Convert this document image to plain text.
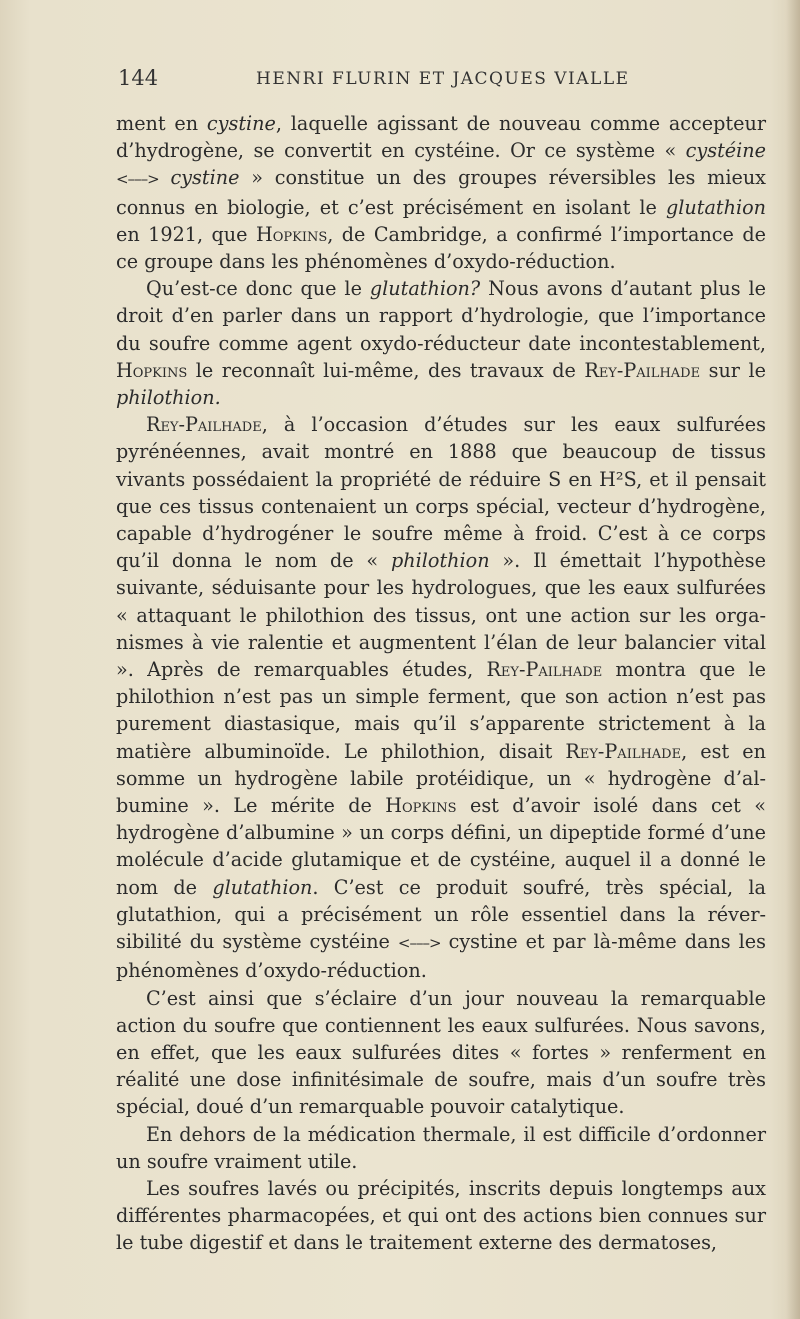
144	HENRI FLURIN ET JACQUES VIALLE

ment en cystine, laquelle agissant de nouveau comme accepteur d’hydrogène, se convertit en cystéine. Or ce système « cystéine <–––> cystine » constitue un des groupes réversibles les mieux connus en biologie, et c’est précisément en isolant le glutathion en 1921, que Hopkins, de Cambridge, a confirmé l’importance de ce groupe dans les phénomènes d’oxydo-réduction.

Qu’est-ce donc que le glutathion? Nous avons d’autant plus le droit d’en parler dans un rapport d’hydrologie, que l’importance du soufre comme agent oxydo-réducteur date incontestablement, Hopkins le reconnaît lui-même, des travaux de Rey-Pailhade sur le philothion.

Rey-Pailhade, à l’occasion d’études sur les eaux sulfurées pyrénéennes, avait montré en 1888 que beaucoup de tissus vivants possédaient la propriété de réduire S en H²S, et il pensait que ces tissus contenaient un corps spécial, vecteur d’hydrogène, capable d’hydrogéner le soufre même à froid. C’est à ce corps qu’il donna le nom de « philothion ». Il émettait l’hypothèse suivante, séduisante pour les hydrologues, que les eaux sulfurées « attaquant le philothion des tissus, ont une action sur les orga-nismes à vie ralentie et augmentent l’élan de leur balancier vital ». Après de remarquables études, Rey-Pailhade montra que le philothion n’est pas un simple ferment, que son action n’est pas purement diastasique, mais qu’il s’apparente strictement à la matière albuminoïde. Le philothion, disait Rey-Pailhade, est en somme un hydrogène labile protéidique, un « hydrogène d’al-bumine ». Le mérite de Hopkins est d’avoir isolé dans cet « hydrogène d’albumine » un corps défini, un dipeptide formé d’une molécule d’acide glutamique et de cystéine, auquel il a donné le nom de glutathion. C’est ce produit soufré, très spécial, la glutathion, qui a précisément un rôle essentiel dans la réver-sibilité du système cystéine <–––> cystine et par là-même dans les phénomènes d’oxydo-réduction.

C’est ainsi que s’éclaire d’un jour nouveau la remarquable action du soufre que contiennent les eaux sulfurées. Nous savons, en effet, que les eaux sulfurées dites « fortes » renferment en réalité une dose infinitésimale de soufre, mais d’un soufre très spécial, doué d’un remarquable pouvoir catalytique.

En dehors de la médication thermale, il est difficile d’ordonner un soufre vraiment utile.

Les soufres lavés ou précipités, inscrits depuis longtemps aux différentes pharmacopées, et qui ont des actions bien connues sur le tube digestif et dans le traitement externe des dermatoses,
